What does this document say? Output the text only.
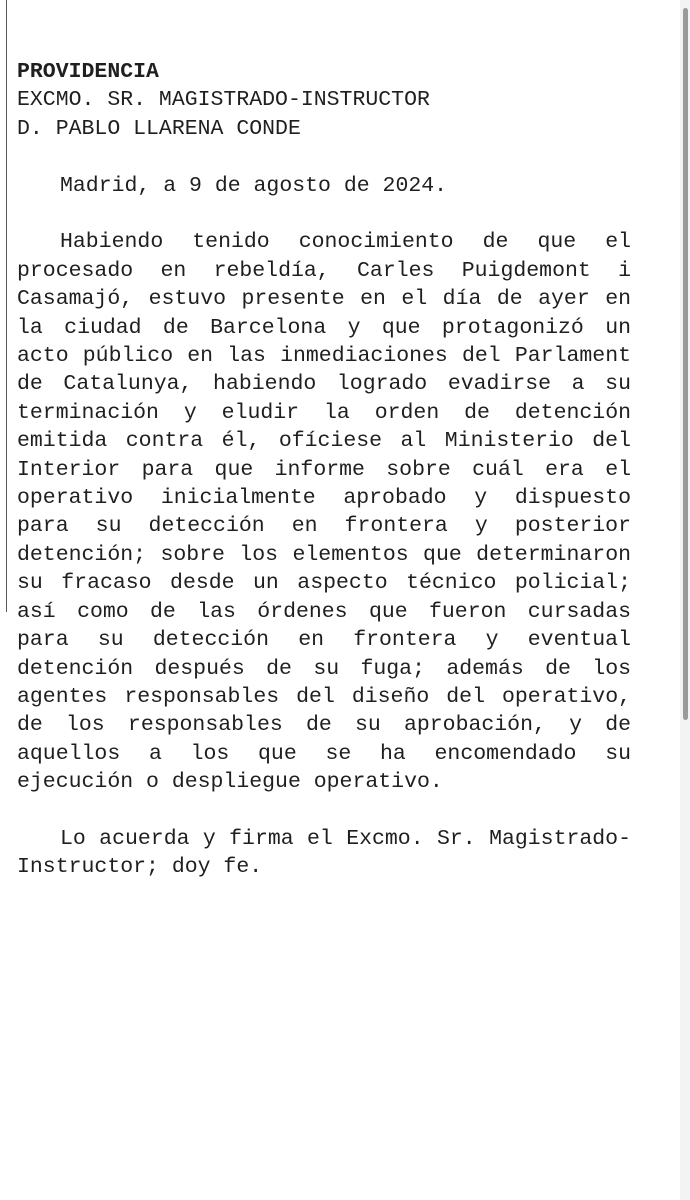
PROVIDENCIA

EXCMO. SR. MAGISTRADO-INSTRUCTOR

D. PABLO LLARENA CONDE

Madrid, a 9 de agosto de 2024.

Habiendo tenido conocimiento de que el procesado en rebeldía, Carles Puigdemont i Casamajó, estuvo presente en el día de ayer en la ciudad de Barcelona y que protagonizó un acto público en las inmediaciones del Parlament de Catalunya, habiendo logrado evadirse a su terminación y eludir la orden de detención emitida contra él, ofíciese al Ministerio del Interior para que informe sobre cuál era el operativo inicialmente aprobado y dispuesto para su detección en frontera y posterior detención; sobre los elementos que determinaron su fracaso desde un aspecto técnico policial; así como de las órdenes que fueron cursadas para su detección en frontera y eventual detención después de su fuga; además de los agentes responsables del diseño del operativo, de los responsables de su aprobación, y de aquellos a los que se ha encomendado su ejecución o despliegue operativo.

Lo acuerda y firma el Excmo. Sr. Magistrado-Instructor; doy fe.
